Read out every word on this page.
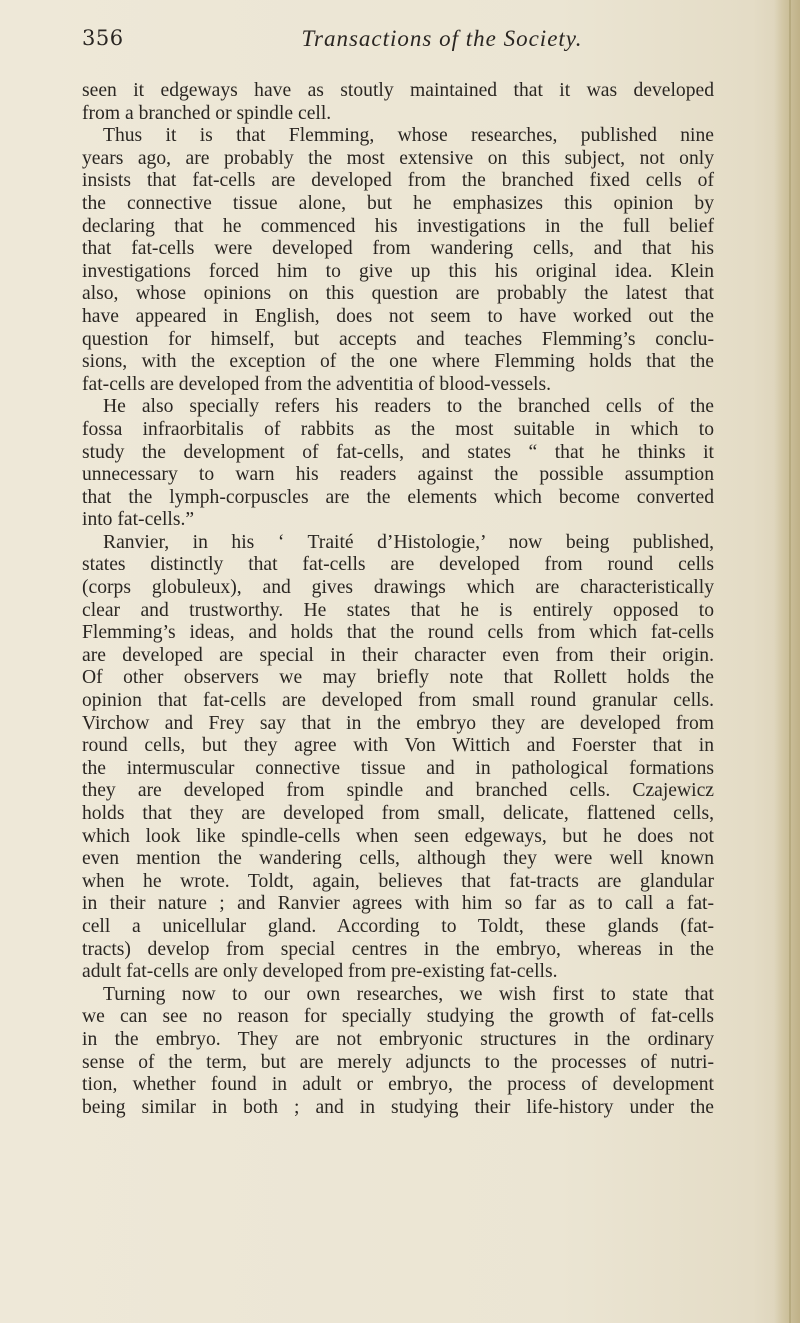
356	Transactions of the Society.
seen it edgeways have as stoutly maintained that it was developed
from a branched or spindle cell.
Thus it is that Flemming, whose researches, published nine
years ago, are probably the most extensive on this subject, not only
insists that fat-cells are developed from the branched fixed cells of
the connective tissue alone, but he emphasizes this opinion by
declaring that he commenced his investigations in the full belief
that fat-cells were developed from wandering cells, and that his
investigations forced him to give up this his original idea. Klein
also, whose opinions on this question are probably the latest that
have appeared in English, does not seem to have worked out the
question for himself, but accepts and teaches Flemming’s conclu-
sions, with the exception of the one where Flemming holds that the
fat-cells are developed from the adventitia of blood-vessels.
He also specially refers his readers to the branched cells of the
fossa infraorbitalis of rabbits as the most suitable in which to
study the development of fat-cells, and states “ that he thinks it
unnecessary to warn his readers against the possible assumption
that the lymph-corpuscles are the elements which become converted
into fat-cells.”
Ranvier, in his ‘ Traité d’Histologie,’ now being published,
states distinctly that fat-cells are developed from round cells
(corps globuleux), and gives drawings which are characteristically
clear and trustworthy. He states that he is entirely opposed to
Flemming’s ideas, and holds that the round cells from which fat-cells
are developed are special in their character even from their origin.
Of other observers we may briefly note that Rollett holds the
opinion that fat-cells are developed from small round granular cells.
Virchow and Frey say that in the embryo they are developed from
round cells, but they agree with Von Wittich and Foerster that in
the intermuscular connective tissue and in pathological formations
they are developed from spindle and branched cells. Czajewicz
holds that they are developed from small, delicate, flattened cells,
which look like spindle-cells when seen edgeways, but he does not
even mention the wandering cells, although they were well known
when he wrote. Toldt, again, believes that fat-tracts are glandular
in their nature ; and Ranvier agrees with him so far as to call a fat-
cell a unicellular gland. According to Toldt, these glands (fat-
tracts) develop from special centres in the embryo, whereas in the
adult fat-cells are only developed from pre-existing fat-cells.
Turning now to our own researches, we wish first to state that
we can see no reason for specially studying the growth of fat-cells
in the embryo. They are not embryonic structures in the ordinary
sense of the term, but are merely adjuncts to the processes of nutri-
tion, whether found in adult or embryo, the process of development
being similar in both ; and in studying their life-history under the
